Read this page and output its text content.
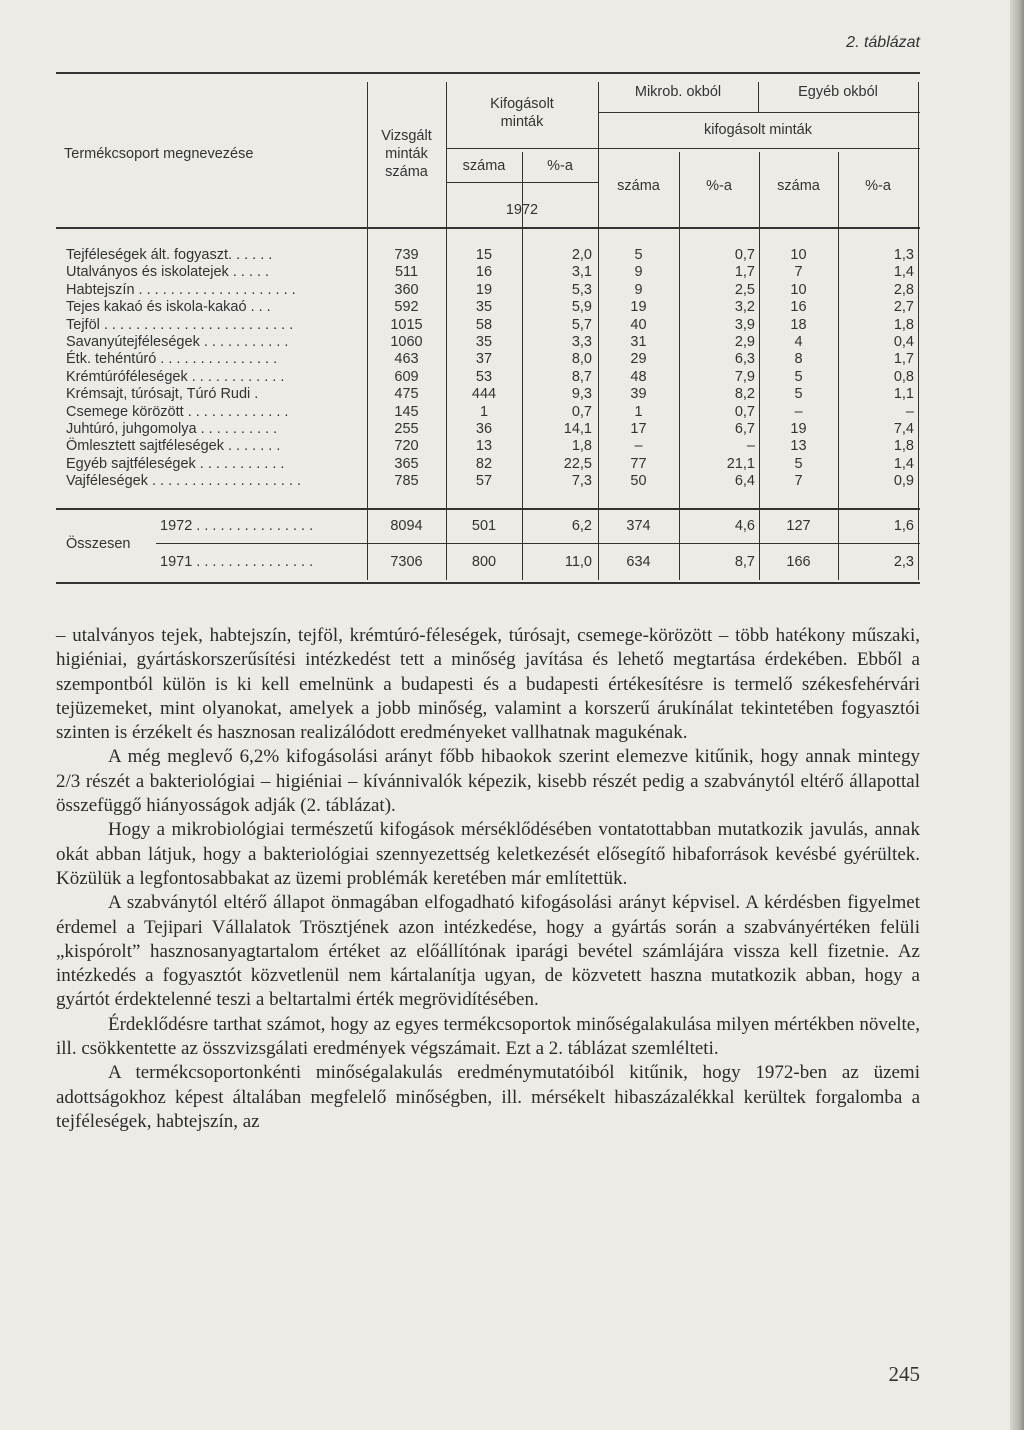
2. táblázat
Termékcsoport megnevezése
Vizsgált
minták
száma
Kifogásolt
minták
száma	%-a
1972
Mikrob. okból	Egyéb okból
kifogásolt minták
száma	%-a	száma	%-a
Tejféleségek ált. fogyaszt. . . . . .	739	15	2,0	5	0,7	10	1,3
Utalványos és iskolatejek . . . . .	511	16	3,1	9	1,7	7	1,4
Habtejszín . . . . . . . . . . . . . . . . . . . .	360	19	5,3	9	2,5	10	2,8
Tejes kakaó és iskola-kakaó . . .	592	35	5,9	19	3,2	16	2,7
Tejföl . . . . . . . . . . . . . . . . . . . . . . . .	1015	58	5,7	40	3,9	18	1,8
Savanyútejféleségek . . . . . . . . . . .	1060	35	3,3	31	2,9	4	0,4
Étk. tehéntúró . . . . . . . . . . . . . . .	463	37	8,0	29	6,3	8	1,7
Krémtúróféleségek . . . . . . . . . . . .	609	53	8,7	48	7,9	5	0,8
Krémsajt, túrósajt, Túró Rudi .	475	444	9,3	39	8,2	5	1,1
Csemege körözött . . . . . . . . . . . . .	145	1	0,7	1	0,7	–	–
Juhtúró, juhgomolya . . . . . . . . . .	255	36	14,1	17	6,7	19	7,4
Ömlesztett sajtféleségek . . . . . . .	720	13	1,8	–	–	13	1,8
Egyéb sajtféleségek . . . . . . . . . . .	365	82	22,5	77	21,1	5	1,4
Vajféleségek . . . . . . . . . . . . . . . . . . .	785	57	7,3	50	6,4	7	0,9
Összesen
1972 . . . . . . . . . . . . . . .	8094	501	6,2	374	4,6	127	1,6
1971 . . . . . . . . . . . . . . .	7306	800	11,0	634	8,7	166	2,3

– utalványos tejek, habtejszín, tejföl, krémtúró-féleségek, túrósajt, csemege-körözött – több hatékony műszaki, higiéniai, gyártáskorszerűsítési intézkedést tett a minőség javítása és lehető megtartása érdekében. Ebből a szempontból külön is ki kell emelnünk a budapesti és a budapesti értékesítésre is termelő székesfehérvári tejüzemeket, mint olyanokat, amelyek a jobb minőség, valamint a korszerű árukínálat tekintetében fogyasztói szinten is érzékelt és hasznosan realizálódott eredményeket vallhatnak magukénak.

A még meglevő 6,2% kifogásolási arányt főbb hibaokok szerint elemezve kitűnik, hogy annak mintegy 2/3 részét a bakteriológiai – higiéniai – kívánnivalók képezik, kisebb részét pedig a szabványtól eltérő állapottal összefüggő hiányosságok adják (2. táblázat).

Hogy a mikrobiológiai természetű kifogások mérséklődésében vontatottabban mutatkozik javulás, annak okát abban látjuk, hogy a bakteriológiai szennyezettség keletkezését elősegítő hibaforrások kevésbé gyérültek. Közülük a legfontosabbakat az üzemi problémák keretében már említettük.

A szabványtól eltérő állapot önmagában elfogadható kifogásolási arányt képvisel. A kérdésben figyelmet érdemel a Tejipari Vállalatok Trösztjének azon intézkedése, hogy a gyártás során a szabványértéken felüli „kispórolt” hasznosanyagtartalom értéket az előállítónak iparági bevétel számlájára vissza kell fizetnie. Az intézkedés a fogyasztót közvetlenül nem kártalanítja ugyan, de közvetett haszna mutatkozik abban, hogy a gyártót érdektelenné teszi a beltartalmi érték megrövidítésében.

Érdeklődésre tarthat számot, hogy az egyes termékcsoportok minőségalakulása milyen mértékben növelte, ill. csökkentette az összvizsgálati eredmények végszámait. Ezt a 2. táblázat szemlélteti.

A termékcsoportonkénti minőségalakulás eredménymutatóiból kitűnik, hogy 1972-ben az üzemi adottságokhoz képest általában megfelelő minőségben, ill. mérsékelt hibaszázalékkal kerültek forgalomba a tejféleségek, habtejszín, az

245
